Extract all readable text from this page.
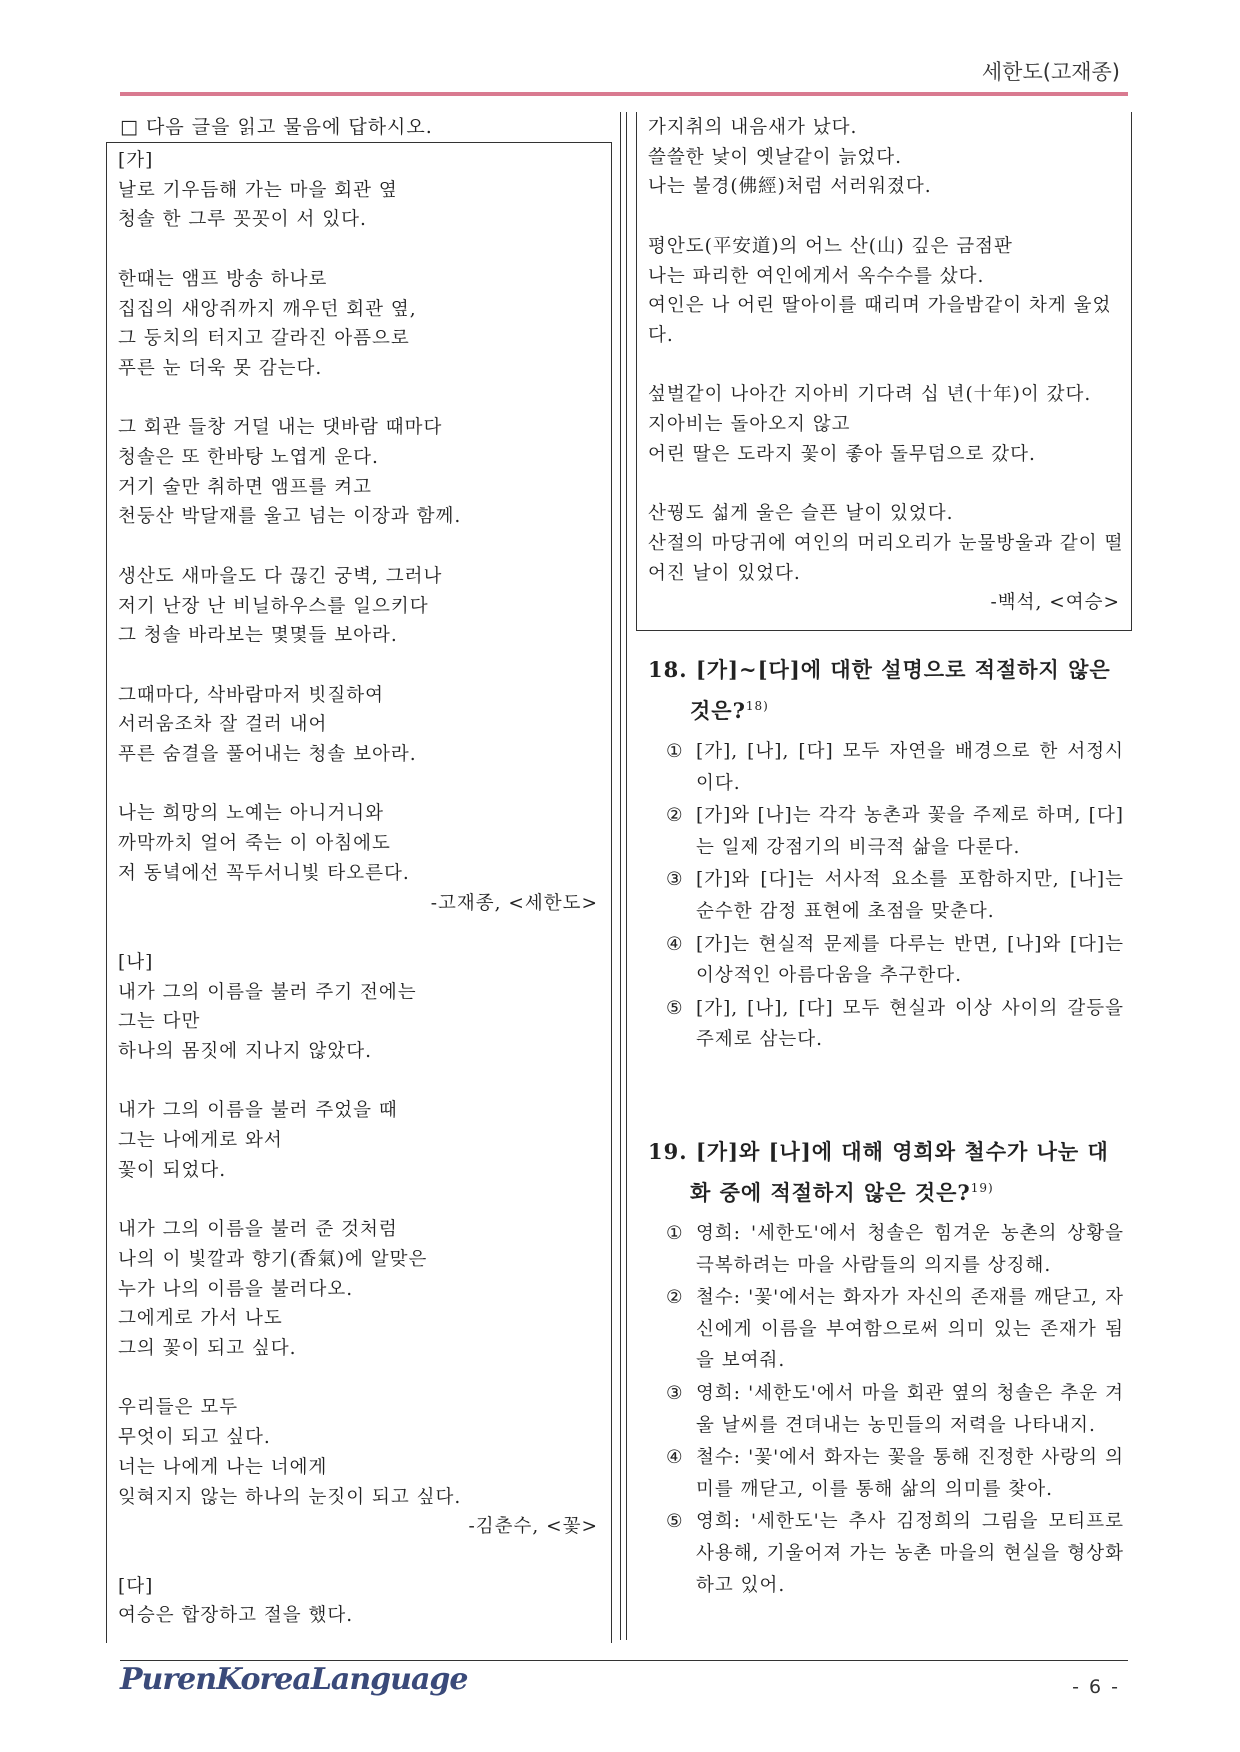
세한도(고재종)
□ 다음 글을 읽고 물음에 답하시오.
[가]
날로 기우듬해 가는 마을 회관 옆
청솔 한 그루 꼿꼿이 서 있다.
한때는 앰프 방송 하나로
집집의 새앙쥐까지 깨우던 회관 옆,
그 둥치의 터지고 갈라진 아픔으로
푸른 눈 더욱 못 감는다.
그 회관 들창 거덜 내는 댓바람 때마다
청솔은 또 한바탕 노엽게 운다.
거기 술만 취하면 앰프를 켜고
천둥산 박달재를 울고 넘는 이장과 함께.
생산도 새마을도 다 끊긴 궁벽, 그러나
저기 난장 난 비닐하우스를 일으키다
그 청솔 바라보는 몇몇들 보아라.
그때마다, 삭바람마저 빗질하여
서러움조차 잘 걸러 내어
푸른 숨결을 풀어내는 청솔 보아라.
나는 희망의 노예는 아니거니와
까막까치 얼어 죽는 이 아침에도
저 동녘에선 꼭두서니빛 타오른다.
-고재종, <세한도>
[나]
내가 그의 이름을 불러 주기 전에는
그는 다만
하나의 몸짓에 지나지 않았다.
내가 그의 이름을 불러 주었을 때
그는 나에게로 와서
꽃이 되었다.
내가 그의 이름을 불러 준 것처럼
나의 이 빛깔과 향기(香氣)에 알맞은
누가 나의 이름을 불러다오.
그에게로 가서 나도
그의 꽃이 되고 싶다.
우리들은 모두
무엇이 되고 싶다.
너는 나에게 나는 너에게
잊혀지지 않는 하나의 눈짓이 되고 싶다.
-김춘수, <꽃>
[다]
여승은 합장하고 절을 했다.
가지취의 내음새가 났다.
쓸쓸한 낯이 옛날같이 늙었다.
나는 불경(佛經)처럼 서러워졌다.
평안도(平安道)의 어느 산(山) 깊은 금점판
나는 파리한 여인에게서 옥수수를 샀다.
여인은 나 어린 딸아이를 때리며 가을밤같이 차게 울었다.
섶벌같이 나아간 지아비 기다려 십 년(十年)이 갔다.
지아비는 돌아오지 않고
어린 딸은 도라지 꽃이 좋아 돌무덤으로 갔다.
산꿩도 섧게 울은 슬픈 날이 있었다.
산절의 마당귀에 여인의 머리오리가 눈물방울과 같이 떨어진 날이 있었다.
-백석, <여승>
18. [가]~[다]에 대한 설명으로 적절하지 않은 것은?$^{18)}$
① [가], [나], [다] 모두 자연을 배경으로 한 서정시이다.
② [가]와 [나]는 각각 농촌과 꽃을 주제로 하며, [다]는 일제 강점기의 비극적 삶을 다룬다.
③ [가]와 [다]는 서사적 요소를 포함하지만, [나]는 순수한 감정 표현에 초점을 맞춘다.
④ [가]는 현실적 문제를 다루는 반면, [나]와 [다]는 이상적인 아름다움을 추구한다.
⑤ [가], [나], [다] 모두 현실과 이상 사이의 갈등을 주제로 삼는다.
19. [가]와 [나]에 대해 영희와 철수가 나눈 대화 중에 적절하지 않은 것은?$^{19)}$
① 영희: '세한도'에서 청솔은 힘겨운 농촌의 상황을 극복하려는 마을 사람들의 의지를 상징해.
② 철수: '꽃'에서는 화자가 자신의 존재를 깨닫고, 자신에게 이름을 부여함으로써 의미 있는 존재가 됨을 보여줘.
③ 영희: '세한도'에서 마을 회관 옆의 청솔은 추운 겨울 날씨를 견뎌내는 농민들의 저력을 나타내지.
④ 철수: '꽃'에서 화자는 꽃을 통해 진정한 사랑의 의미를 깨닫고, 이를 통해 삶의 의미를 찾아.
⑤ 영희: '세한도'는 추사 김정희의 그림을 모티프로 사용해, 기울어져 가는 농촌 마을의 현실을 형상화하고 있어.
PurenKoreaLanguage	- 6 -
